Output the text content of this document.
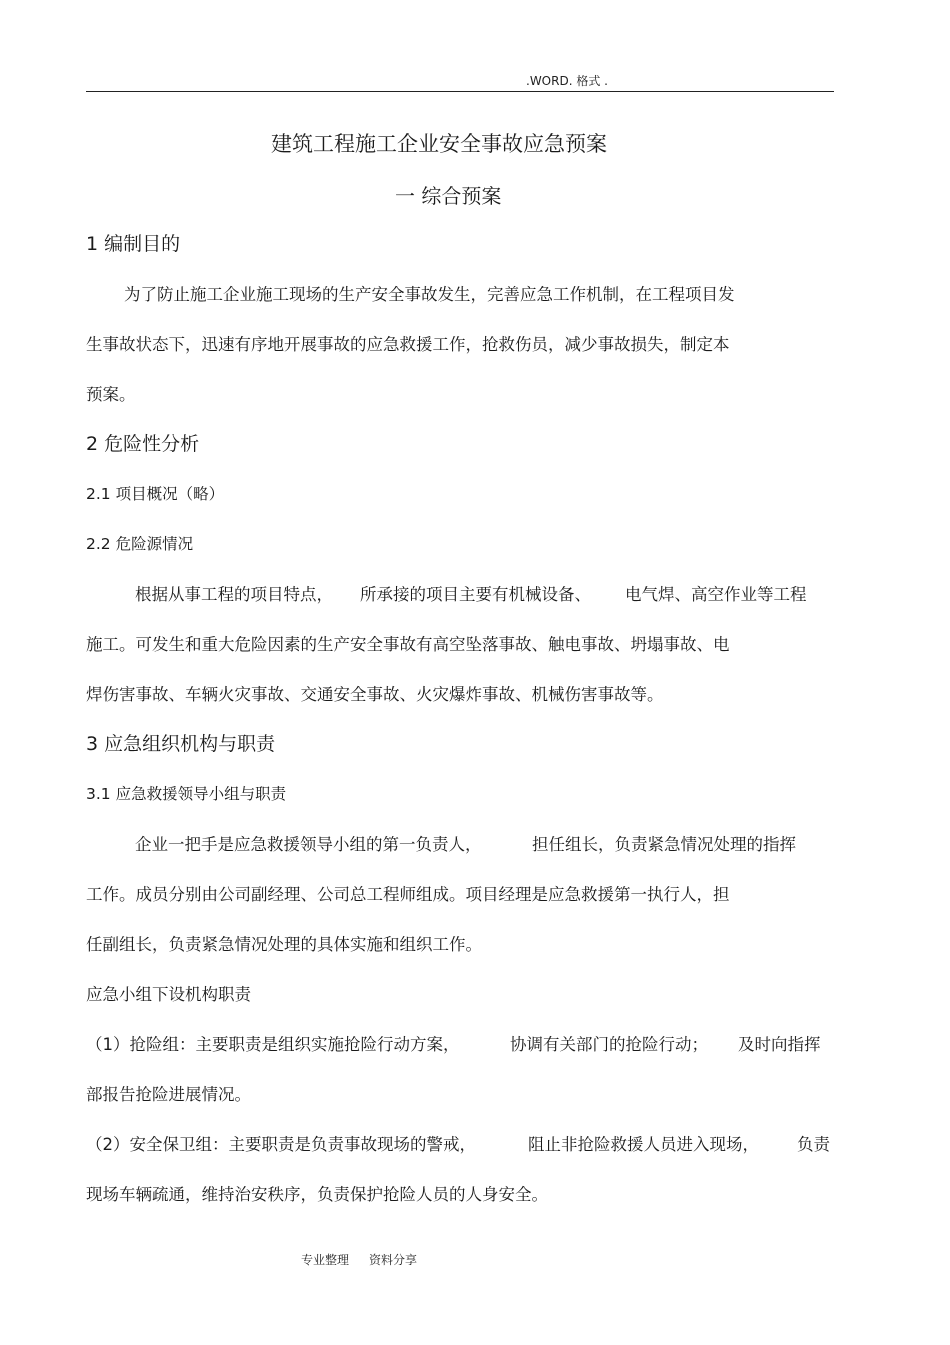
.WORD. 格式 .
建筑工程施工企业安全事故应急预案
一 综合预案
1 编制目的
为了防止施工企业施工现场的生产安全事故发生，完善应急工作机制，在工程项目发
生事故状态下，迅速有序地开展事故的应急救援工作，抢救伤员，减少事故损失，制定本
预案。
2 危险性分析
2.1 项目概况（略）
2.2 危险源情况
根据从事工程的项目特点， 所承接的项目主要有机械设备、 电气焊、高空作业等工程
施工。可发生和重大危险因素的生产安全事故有高空坠落事故、触电事故、坍塌事故、电
焊伤害事故、车辆火灾事故、交通安全事故、火灾爆炸事故、机械伤害事故等。
3 应急组织机构与职责
3.1 应急救援领导小组与职责
企业一把手是应急救援领导小组的第一负责人，	担任组长，负责紧急情况处理的指挥
工作。成员分别由公司副经理、公司总工程师组成。项目经理是应急救援第一执行人，担
任副组长，负责紧急情况处理的具体实施和组织工作。
应急小组下设机构职责
（1）抢险组：主要职责是组织实施抢险行动方案，	协调有关部门的抢险行动； 及时向指挥
部报告抢险进展情况。
（2）安全保卫组：主要职责是负责事故现场的警戒，	阻止非抢险救援人员进入现场， 负责
现场车辆疏通，维持治安秩序，负责保护抢险人员的人身安全。
专业整理 资料分享
